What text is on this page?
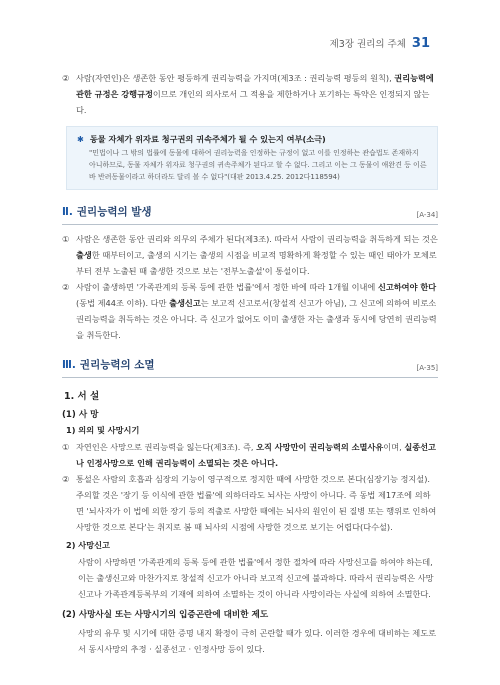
제3장 권리의 주체 31
② 사람(자연인)은 생존한 동안 평등하게 권리능력을 가지며(제3조 : 권리능력 평등의 원칙), 권리능력에 관한 규정은 강행규정이므로 개인의 의사로서 그 적용을 제한하거나 포기하는 특약은 인정되지 않는다.

✱ 동물 자체가 위자료 청구권의 귀속주체가 될 수 있는지 여부(소극)
"민법이나 그 밖의 법률에 동물에 대하여 권리능력을 인정하는 규정이 없고 이를 인정하는 관습법도 존재하지 아니하므로, 동물 자체가 위자료 청구권의 귀속주체가 된다고 할 수 없다. 그리고 이는 그 동물이 애완견 등 이른바 반려동물이라고 하더라도 달리 볼 수 없다"(대판 2013.4.25. 2012다118594)
Ⅱ. 권리능력의 발생	[A-34]
① 사람은 생존한 동안 권리와 의무의 주체가 된다(제3조). 따라서 사람이 권리능력을 취득하게 되는 것은 출생한 때부터이고, 출생의 시기는 출생의 시점을 비교적 명확하게 확정할 수 있는 때인 태아가 모체로부터 전부 노출된 때 출생한 것으로 보는 '전부노출설'이 통설이다.

② 사람이 출생하면 '가족관계의 등록 등에 관한 법률'에서 정한 바에 따라 1개월 이내에 신고하여야 한다(동법 제44조 이하). 다만 출생신고는 보고적 신고로서(창설적 신고가 아님), 그 신고에 의하여 비로소 권리능력을 취득하는 것은 아니다. 즉 신고가 없어도 이미 출생한 자는 출생과 동시에 당연히 권리능력을 취득한다.

Ⅲ. 권리능력의 소멸	[A-35]
1. 서 설
(1) 사 망
1) 의의 및 사망시기
① 자연인은 사망으로 권리능력을 잃는다(제3조). 즉, 오직 사망만이 권리능력의 소멸사유이며, 실종선고나 인정사망으로 인해 권리능력이 소멸되는 것은 아니다.

② 통설은 사람의 호흡과 심장의 기능이 영구적으로 정지한 때에 사망한 것으로 본다(심장기능 정지설). 주의할 것은 '장기 등 이식에 관한 법률'에 의하더라도 뇌사는 사망이 아니다. 즉 동법 제17조에 의하면 '뇌사자가 이 법에 의한 장기 등의 적출로 사망한 때에는 뇌사의 원인이 된 질병 또는 행위로 인하여 사망한 것으로 본다'는 취지로 봄 때 뇌사의 시점에 사망한 것으로 보기는 어렵다(다수설).

2) 사망신고

사람이 사망하면 '가족관계의 등록 등에 관한 법률'에서 정한 절차에 따라 사망신고를 하여야 하는데, 이는 출생신고와 마찬가지로 창설적 신고가 아니라 보고적 신고에 불과하다. 따라서 권리능력은 사망신고나 가족관계등록부의 기재에 의하여 소멸하는 것이 아니라 사망이라는 사실에 의하여 소멸한다.

(2) 사망사실 또는 사망시기의 입증곤란에 대비한 제도

사망의 유무 및 시기에 대한 증명 내지 확정이 극히 곤란할 때가 있다. 이러한 경우에 대비하는 제도로서 동시사망의 추정 · 실종선고 · 인정사망 등이 있다.
